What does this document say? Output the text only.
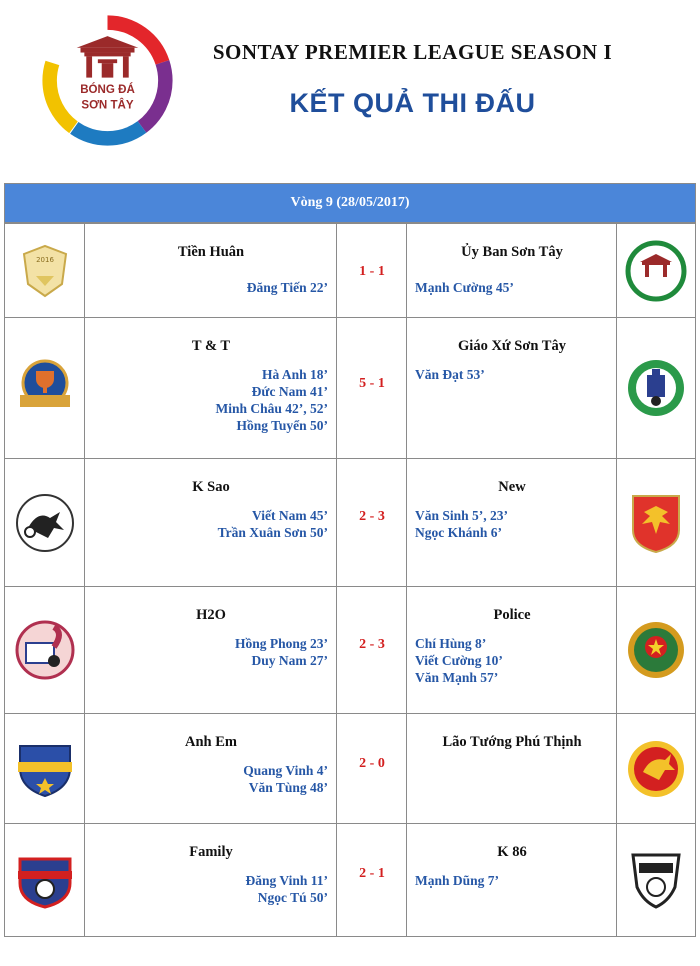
BÓNG ĐÁ
SƠN TÂY
SONTAY PREMIER LEAGUE SEASON I
KẾT QUẢ THI ĐẤU
Vòng 9 (28/05/2017)
2016	Tiền Huân
Đăng Tiến 22’
1 - 1
Ủy Ban Sơn Tây
Mạnh Cường 45’
T & T
Hà Anh 18’
Đức Nam 41’
Minh Châu 42’, 52’
Hồng Tuyển 50’
5 - 1
Giáo Xứ Sơn Tây
Văn Đạt 53’
K Sao
Viết Nam 45’
Trần Xuân Sơn 50’
2 - 3
New
Văn Sinh 5’, 23’
Ngọc Khánh 6’
H2O
Hồng Phong 23’
Duy Nam 27’
2 - 3
Police
Chí Hùng 8’
Viết Cường 10’
Văn Mạnh 57’
Anh Em
Quang Vinh 4’
Văn Tùng 48’
2 - 0
Lão Tướng Phú Thịnh
Family
Đăng Vinh 11’
Ngọc Tú 50’
2 - 1
K 86
Mạnh Dũng 7’
